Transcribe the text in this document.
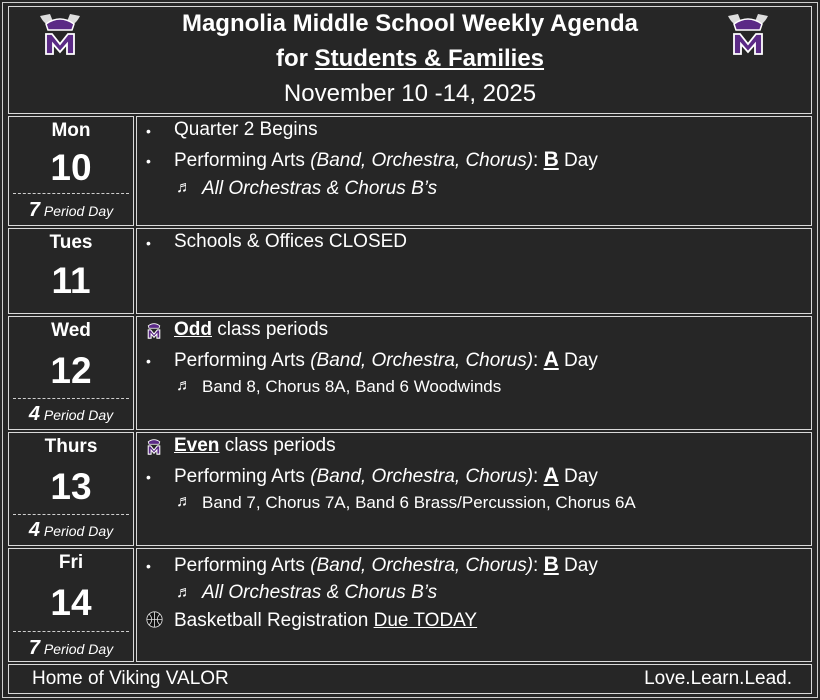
Magnolia Middle School Weekly Agenda
for Students & Families
November 10 -14, 2025
Mon
10
7 Period Day
Tues
11
Wed
12
4 Period Day
Thurs
13
4 Period Day
Fri
14
7 Period Day
Home of Viking VALOR	Love.Learn.Lead.
• Quarter 2 Begins
• Performing Arts (Band, Orchestra, Chorus): B Day
♬ All Orchestras & Chorus B’s
• Schools & Offices CLOSED
Odd class periods
• Performing Arts (Band, Orchestra, Chorus): A Day
♬ Band 8, Chorus 8A, Band 6 Woodwinds
Even class periods
• Performing Arts (Band, Orchestra, Chorus): A Day
♬ Band 7, Chorus 7A, Band 6 Brass/Percussion, Chorus 6A
• Performing Arts (Band, Orchestra, Chorus): B Day
♬ All Orchestras & Chorus B’s
Basketball Registration Due TODAY
